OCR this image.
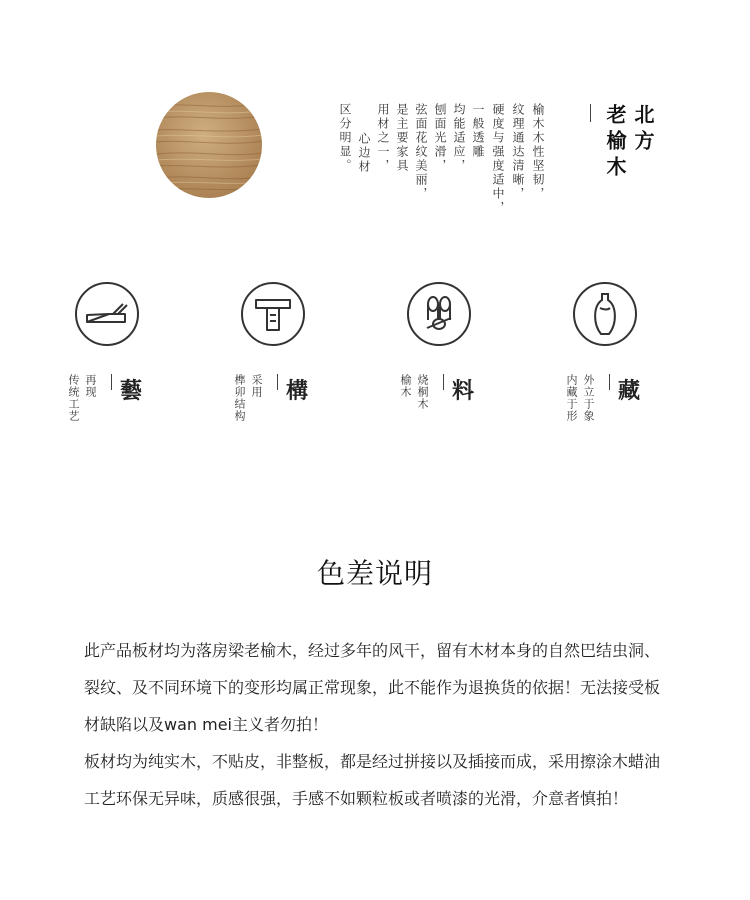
榆木木性坚韧，
纹理通达清晰，
硬度与强度适中，
一般透雕
均能适应，
刨面光滑，
弦面花纹美丽，
是主要家具
用材之一，
心边材
区分明显。	北方
老榆木
藝
再现
传统工艺	構
采用
榫卯结构	料
烧桐木
榆木	藏
外立于象
内藏于形
色差说明

此产品板材均为落房梁老榆木，经过多年的风干，留有木材本身的自然巴结虫洞、裂纹、及不同环境下的变形均属正常现象，此不能作为退换货的依据！无法接受板材缺陷以及wan mei主义者勿拍！

板材均为纯实木，不贴皮，非整板，都是经过拼接以及插接而成，采用擦涂木蜡油工艺环保无异味，质感很强，手感不如颗粒板或者喷漆的光滑，介意者慎拍！
